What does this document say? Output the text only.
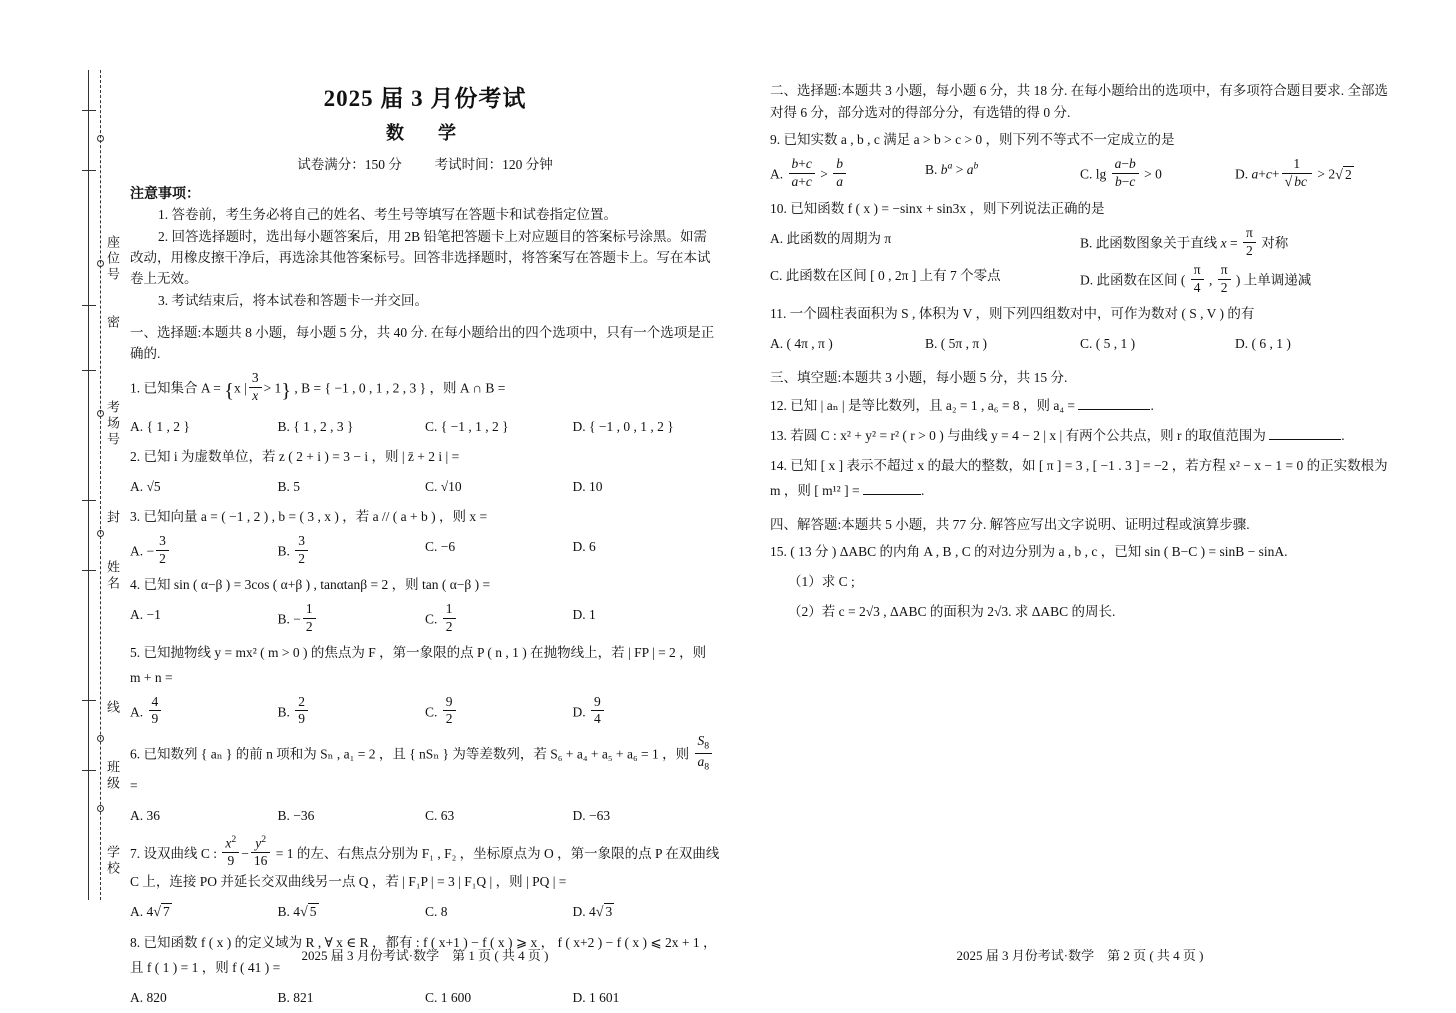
座位号
密
考场号
封
姓名
线
班级
学校
2025 届 3 月份考试
数　学
试卷满分：150 分 考试时间：120 分钟
注意事项：

1. 答卷前，考生务必将自己的姓名、考生号等填写在答题卡和试卷指定位置。

2. 回答选择题时，选出每小题答案后，用 2B 铅笔把答题卡上对应题目的答案标号涂黑。如需改动，用橡皮擦干净后，再选涂其他答案标号。回答非选择题时，将答案写在答题卡上。写在本试卷上无效。

3. 考试结束后，将本试卷和答题卡一并交回。

一、选择题:本题共 8 小题，每小题 5 分，共 40 分. 在每小题给出的四个选项中，只有一个选项是正确的.
1. 已知集合 A = {x | $\frac{3}{x} > 1$} , B = { −1 , 0 , 1 , 2 , 3 } ，则 A ∩ B =
A. { 1 , 2 }	B. { 1 , 2 , 3 }	C. { −1 , 1 , 2 }	D. { −1 , 0 , 1 , 2 }
2. 已知 i 为虚数单位，若 z ( 2 + i ) = 3 − i ，则 | z̄ + 2 i | =
A. √5	B. 5	C. √10	D. 10
3. 已知向量 a = ( −1 , 2 ) , b = ( 3 , x ) ，若 a // ( a + b ) ，则 x =
A. − $\frac{3}{2}$	B. $\frac{3}{2}$	C. −6	D. 6
4. 已知 sin ( α−β ) = 3cos ( α+β ) , tanαtanβ = 2 ，则 tan ( α−β ) =
A. −1	B. − $\frac{1}{2}$	C. $\frac{1}{2}$	D. 1
5. 已知抛物线 y = mx² ( m > 0 ) 的焦点为 F ，第一象限的点 P ( n , 1 ) 在抛物线上，若 | FP | = 2 ，则 m + n =
A. $\frac{4}{9}$	B. $\frac{2}{9}$	C. $\frac{9}{2}$	D. $\frac{9}{4}$
6. 已知数列 { aₙ } 的前 n 项和为 Sₙ , a₁ = 2 ，且 { nSₙ } 为等差数列，若 S₆ + a₄ + a₅ + a₆ = 1 ，则 $\frac{S_8}{a_8}$
=
A. 36	B. −36	C. 63	D. −63
7. 设双曲线 C : $\frac{x^2}{9} - \frac{y^2}{16} = 1$ 的左、右焦点分别为 F₁ , F₂ ，坐标原点为 O ，第一象限的点 P 在双曲线 C 上，连接 PO 并延长交双曲线另一点 Q ，若 | F₁P | = 3 | F₁Q | ，则 | PQ | =
A. 4√ 7	B. 4√ 5	C. 8	D. 4√ 3
8. 已知函数 f ( x ) 的定义域为 R , ∀ x ∈ R ，都有 : f ( x+1 ) − f ( x ) ⩾ x ， f ( x+2 ) − f ( x ) ⩽ 2x + 1 ，且 f ( 1 ) = 1 ，则 f ( 41 ) =
A. 820	B. 821	C. 1 600	D. 1 601
二、选择题:本题共 3 小题，每小题 6 分，共 18 分. 在每小题给出的选项中，有多项符合题目要求. 全部选对得 6 分，部分选对的得部分分，有选错的得 0 分.
9. 已知实数 a , b , c 满足 a > b > c > 0 ，则下列不等式不一定成立的是
A. $\frac{b+c}{a+c} > \frac{b}{a}$	B. $b^a > a^b$
C. $\lg \frac{a-b}{b-c} > 0$	D. $a+c+ \frac{1}{√ bc} > 2√$ 2
10. 已知函数 f ( x ) = −sinx + sin3x ，则下列说法正确的是
A. 此函数的周期为 π	B. 此函数图象关于直线 $x = \frac{\pi}{2}$ 对称
C. 此函数在区间 [ 0 , 2π ] 上有 7 个零点	D. 此函数在区间 ( $\frac{\pi}{4}$ , $\frac{\pi}{2}$ ) 上单调递减
11. 一个圆柱表面积为 S , 体积为 V ，则下列四组数对中，可作为数对 ( S , V ) 的有
A. ( 4π , π )	B. ( 5π , π )	C. ( 5 , 1 )	D. ( 6 , 1 )
三、填空题:本题共 3 小题，每小题 5 分，共 15 分.
12. 已知 | aₙ | 是等比数列，且 a₂ = 1 , a₆ = 8 ，则 a₄ =	.
13. 若圆 C : x² + y² = r² ( r > 0 ) 与曲线 y = 4 − 2 | x | 有两个公共点，则 r 的取值范围为	.
14. 已知 [ x ] 表示不超过 x 的最大的整数，如 [ π ] = 3 , [ −1 . 3 ] = −2 ，若方程 x² − x − 1 = 0 的正实数根为 m ，则 [ m¹² ] =	.
四、解答题:本题共 5 小题，共 77 分. 解答应写出文字说明、证明过程或演算步骤.
15. ( 13 分 ) ΔABC 的内角 A , B , C 的对边分别为 a , b , c ，已知 sin ( B−C ) = sinB − sinA.
（1）求 C ;
（2）若 c = 2√3 , ΔABC 的面积为 2√3. 求 ΔABC 的周长.
2025 届 3 月份考试·数学　第 1 页 ( 共 4 页 )	2025 届 3 月份考试·数学　第 2 页 ( 共 4 页 )
